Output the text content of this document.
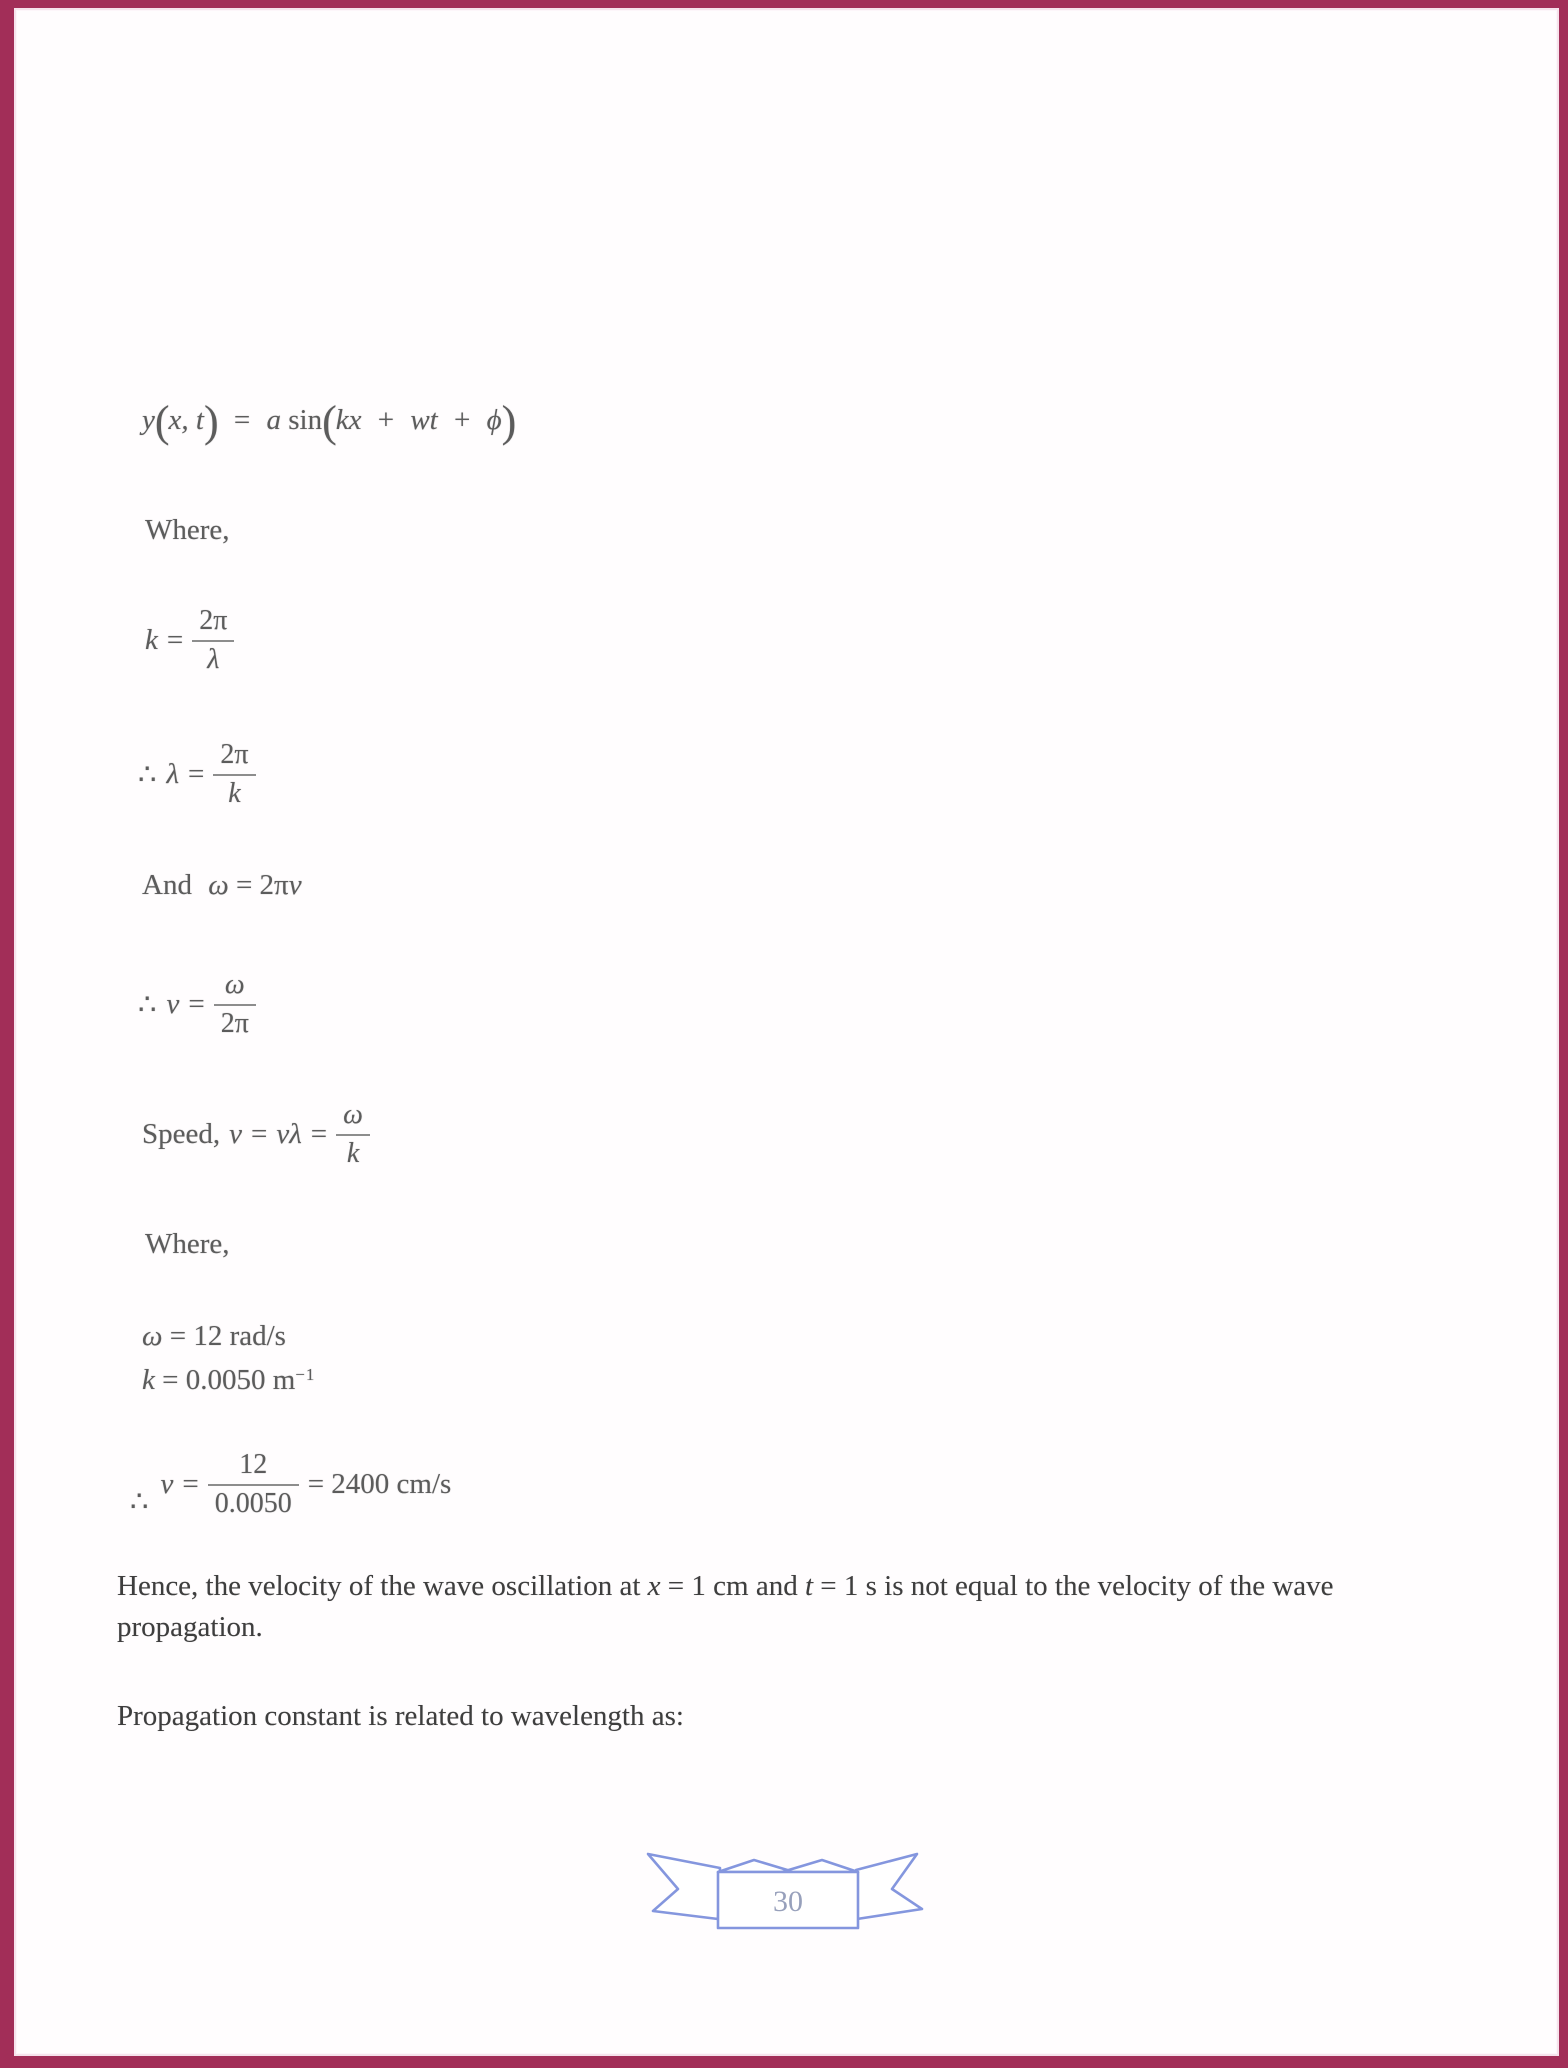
y(x, t) = a sin(kx + wt + ϕ)
Where,
$k = \frac{2\pi}{\lambda}$
∴ $\lambda = \frac{2\pi}{k}$
And ω = 2πν
∴ $\nu = \frac{\omega}{2\pi}$
Speed, $v = \nu\lambda = \frac{\omega}{k}$
Where,
ω = 12 rad/s
k = 0.0050 $m^{-1}$
∴
$v = \frac{12}{0.0050} = 2400$ cm/s

Hence, the velocity of the wave oscillation at x = 1 cm and t = 1 s is not equal to the velocity of the wave propagation.

Propagation constant is related to wavelength as:

30
